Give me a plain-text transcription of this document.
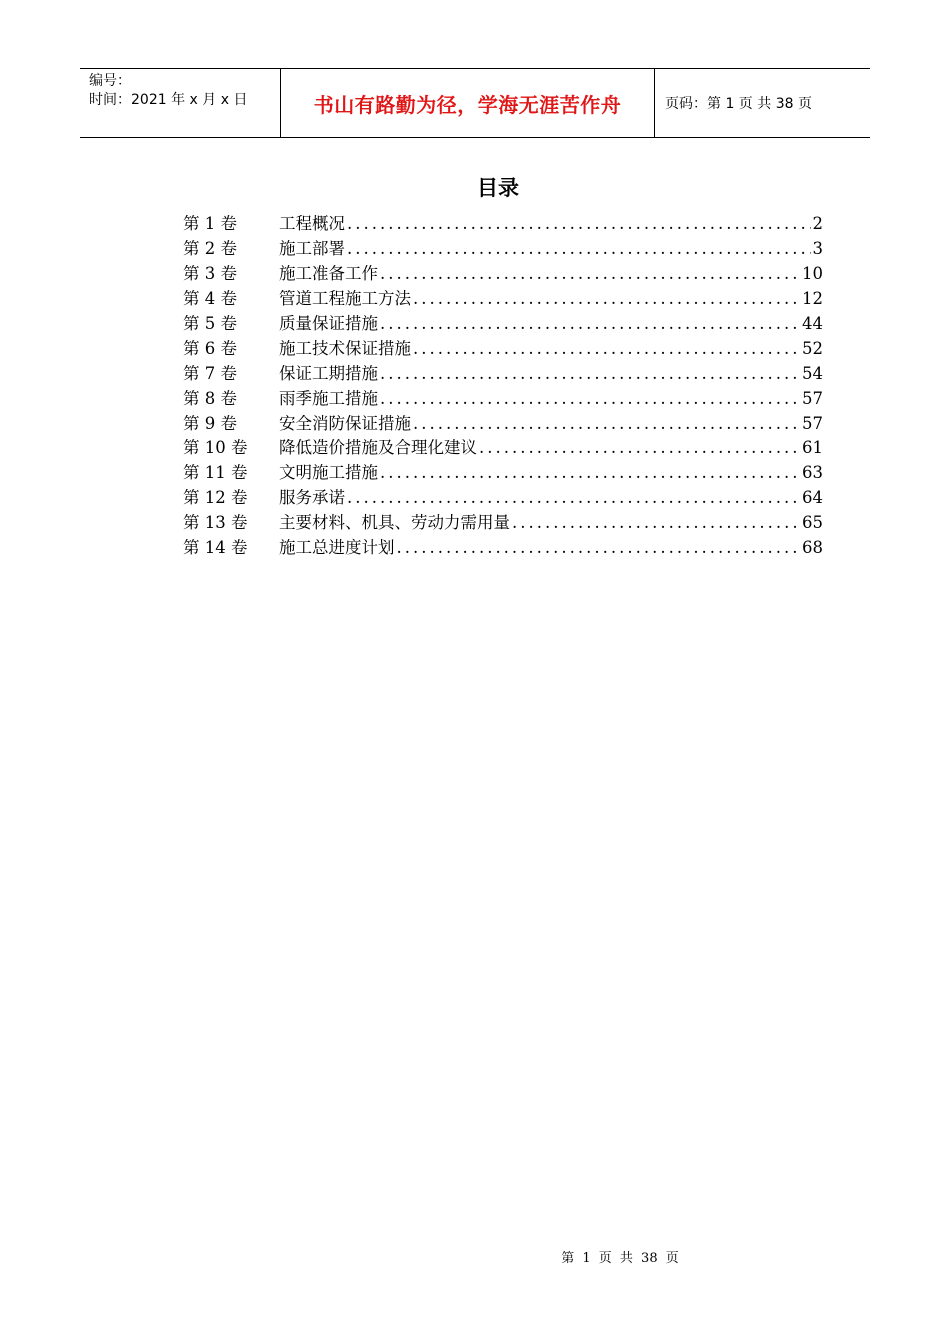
编号：
时间：2021 年 x 月 x 日	书山有路勤为径，学海无涯苦作舟	页码：第 1 页 共 38 页
目录
第 1 卷	工程概况 .....	2
第 2 卷	施工部署 .....	3
第 3 卷	施工准备工作 .....	10
第 4 卷	管道工程施工方法 .....	12
第 5 卷	质量保证措施 .....	44
第 6 卷	施工技术保证措施 .....	52
第 7 卷	保证工期措施 .....	54
第 8 卷	雨季施工措施 .....	57
第 9 卷	安全消防保证措施 .....	57
第 10 卷	降低造价措施及合理化建议 .....	61
第 11 卷	文明施工措施 .....	63
第 12 卷	服务承诺 .....	64
第 13 卷	主要材料、机具、劳动力需用量 .....	65
第 14 卷	施工总进度计划 .....	68
第 1 页 共 38 页
